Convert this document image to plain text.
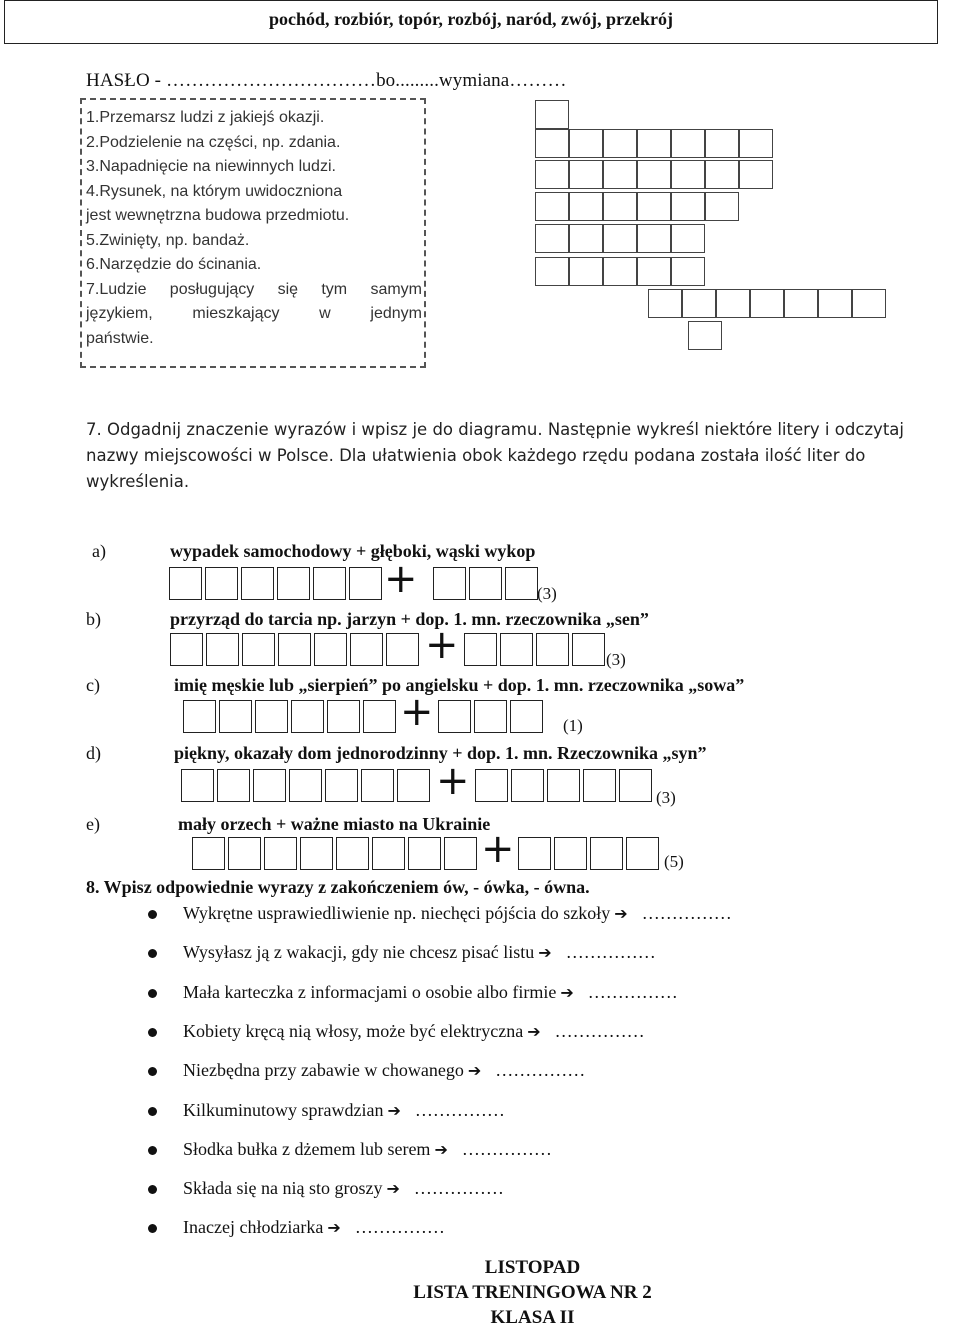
pochód, rozbiór, topór, rozbój, naród, zwój, przekrój
HASŁO - ……………………………bo.........wymiana………
1.Przemarsz ludzi z jakiejś okazji.
2.Podzielenie na części, np. zdania.
3.Napadnięcie na niewinnych ludzi.
4.Rysunek, na którym uwidoczniona
jest wewnętrzna budowa przedmiotu.
5.Zwinięty, np. bandaż.
6.Narzędzie do ścinania.
7.Ludzie posługujący się tym samym
językiem, mieszkający w jednym
państwie.
7. Odgadnij znaczenie wyrazów i wpisz je do diagramu. Następnie wykreśl niektóre litery i odczytaj
nazwy miejscowości w Polsce. Dla ułatwienia obok każdego rzędu podana została ilość liter do
wykreślenia.
a)	wypadek samochodowy + głęboki, wąski wykop
(3)
b)	przyrząd do tarcia np. jarzyn + dop. 1. mn. rzeczownika „sen”
(3)
c)	imię męskie lub „sierpień” po angielsku + dop. 1. mn. rzeczownika „sowa”
(1)
d)	piękny, okazały dom jednorodzinny + dop. 1. mn. Rzeczownika „syn”
(3)
e)	mały orzech + ważne miasto na Ukrainie
(5)
+
+
+
+
+
8. Wpisz odpowiednie wyrazy z zakończeniem ów, - ówka, - ówna.
Wykrętne usprawiedliwienie np. niechęci pójścia do szkoły ➔ ……………
Wysyłasz ją z wakacji, gdy nie chcesz pisać listu ➔ ……………
Mała karteczka z informacjami o osobie albo firmie ➔ ……………
Kobiety kręcą nią włosy, może być elektryczna ➔ ……………
Niezbędna przy zabawie w chowanego ➔ ……………
Kilkuminutowy sprawdzian ➔ ……………
Słodka bułka z dżemem lub serem ➔ ……………
Składa się na nią sto groszy ➔ ……………
Inaczej chłodziarka ➔ ……………
LISTOPAD
LISTA TRENINGOWA NR 2
KLASA II
